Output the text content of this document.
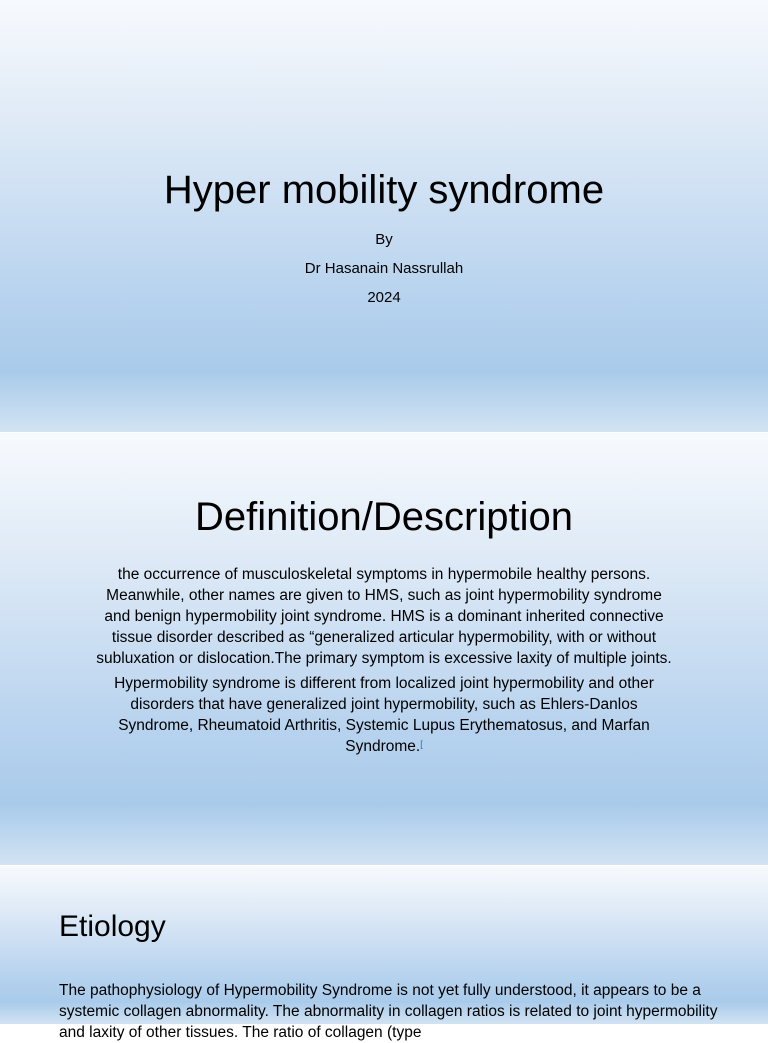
Hyper mobility syndrome
By
Dr Hasanain Nassrullah
2024
Definition/Description

the occurrence of musculoskeletal symptoms in hypermobile healthy persons. Meanwhile, other names are given to HMS, such as joint hypermobility syndrome and benign hypermobility joint syndrome. HMS is a dominant inherited connective tissue disorder described as “generalized articular hypermobility, with or without subluxation or dislocation.The primary symptom is excessive laxity of multiple joints.

Hypermobility syndrome is different from localized joint hypermobility and other disorders that have generalized joint hypermobility, such as Ehlers-Danlos Syndrome, Rheumatoid Arthritis, Systemic Lupus Erythematosus, and Marfan Syndrome.[

Etiology
The pathophysiology of Hypermobility Syndrome is not yet fully understood, it appears to be a systemic collagen abnormality. The abnormality in collagen ratios is related to joint hypermobility and laxity of other tissues. The ratio of collagen (type
